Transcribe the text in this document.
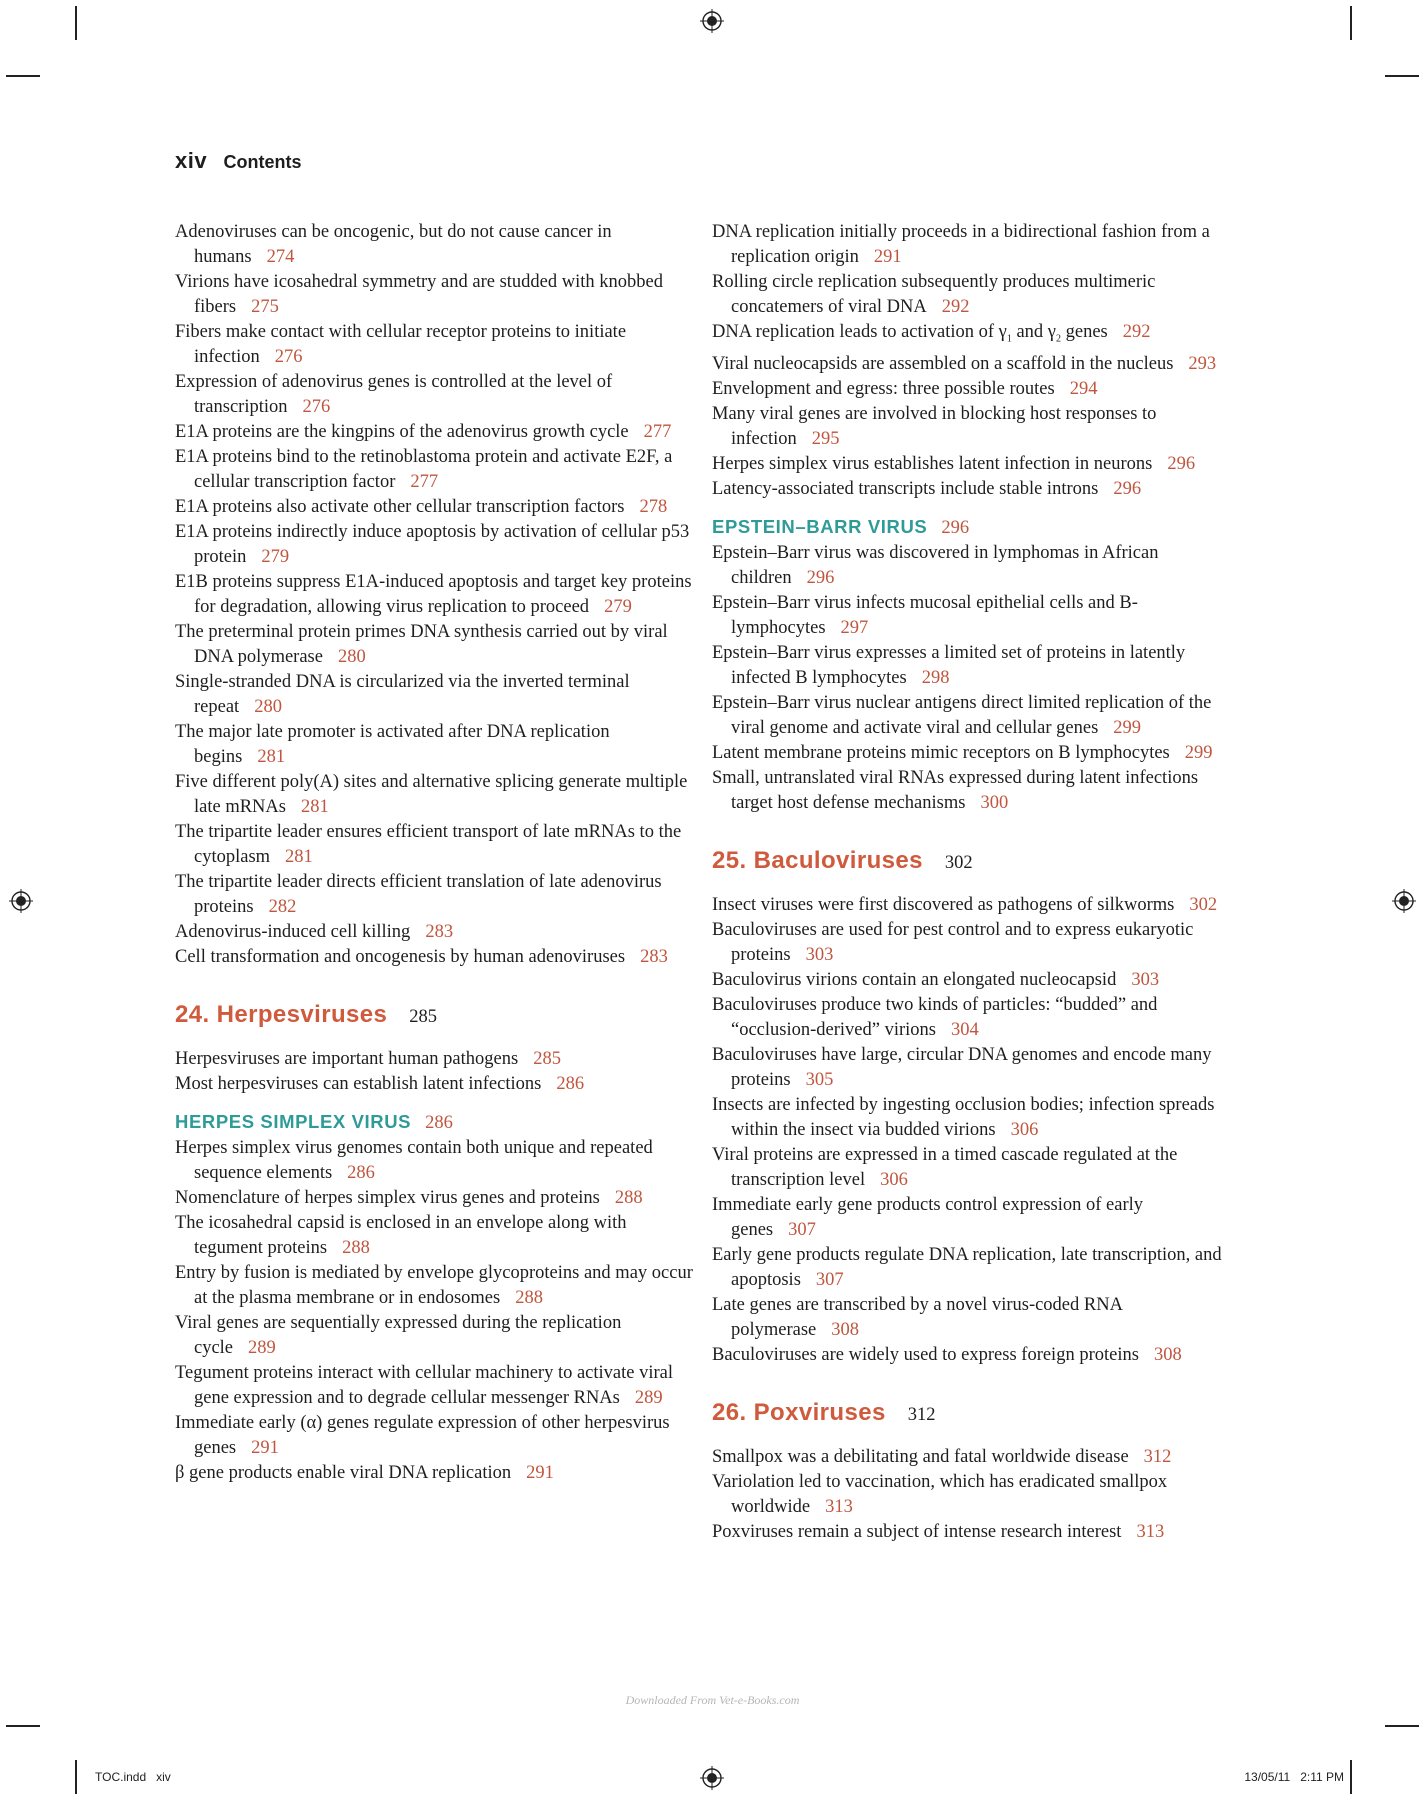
xiv Contents
Adenoviruses can be oncogenic, but do not cause cancer in humans 274
Virions have icosahedral symmetry and are studded with knobbed fibers 275
Fibers make contact with cellular receptor proteins to initiate infection 276
Expression of adenovirus genes is controlled at the level of transcription 276
E1A proteins are the kingpins of the adenovirus growth cycle 277
E1A proteins bind to the retinoblastoma protein and activate E2F, a cellular transcription factor 277
E1A proteins also activate other cellular transcription factors 278
E1A proteins indirectly induce apoptosis by activation of cellular p53 protein 279
E1B proteins suppress E1A-induced apoptosis and target key proteins for degradation, allowing virus replication to proceed 279
The preterminal protein primes DNA synthesis carried out by viral DNA polymerase 280
Single-stranded DNA is circularized via the inverted terminal repeat 280
The major late promoter is activated after DNA replication begins 281
Five different poly(A) sites and alternative splicing generate multiple late mRNAs 281
The tripartite leader ensures efficient transport of late mRNAs to the cytoplasm 281
The tripartite leader directs efficient translation of late adenovirus proteins 282
Adenovirus-induced cell killing 283
Cell transformation and oncogenesis by human adenoviruses 283
24. Herpesviruses 285
Herpesviruses are important human pathogens 285
Most herpesviruses can establish latent infections 286
HERPES SIMPLEX VIRUS 286
Herpes simplex virus genomes contain both unique and repeated sequence elements 286
Nomenclature of herpes simplex virus genes and proteins 288
The icosahedral capsid is enclosed in an envelope along with tegument proteins 288
Entry by fusion is mediated by envelope glycoproteins and may occur at the plasma membrane or in endosomes 288
Viral genes are sequentially expressed during the replication cycle 289
Tegument proteins interact with cellular machinery to activate viral gene expression and to degrade cellular messenger RNAs 289
Immediate early (α) genes regulate expression of other herpesvirus genes 291
β gene products enable viral DNA replication 291
DNA replication initially proceeds in a bidirectional fashion from a replication origin 291
Rolling circle replication subsequently produces multimeric concatemers of viral DNA 292
DNA replication leads to activation of $\gamma_1$ and $\gamma_2$ genes 292
Viral nucleocapsids are assembled on a scaffold in the nucleus 293
Envelopment and egress: three possible routes 294
Many viral genes are involved in blocking host responses to infection 295
Herpes simplex virus establishes latent infection in neurons 296
Latency-associated transcripts include stable introns 296
EPSTEIN–BARR VIRUS 296
Epstein–Barr virus was discovered in lymphomas in African children 296
Epstein–Barr virus infects mucosal epithelial cells and B-lymphocytes 297
Epstein–Barr virus expresses a limited set of proteins in latently infected B lymphocytes 298
Epstein–Barr virus nuclear antigens direct limited replication of the viral genome and activate viral and cellular genes 299
Latent membrane proteins mimic receptors on B lymphocytes 299
Small, untranslated viral RNAs expressed during latent infections target host defense mechanisms 300
25. Baculoviruses 302
Insect viruses were first discovered as pathogens of silkworms 302
Baculoviruses are used for pest control and to express eukaryotic proteins 303
Baculovirus virions contain an elongated nucleocapsid 303
Baculoviruses produce two kinds of particles: “budded” and “occlusion-derived” virions 304
Baculoviruses have large, circular DNA genomes and encode many proteins 305
Insects are infected by ingesting occlusion bodies; infection spreads within the insect via budded virions 306
Viral proteins are expressed in a timed cascade regulated at the transcription level 306
Immediate early gene products control expression of early genes 307
Early gene products regulate DNA replication, late transcription, and apoptosis 307
Late genes are transcribed by a novel virus-coded RNA polymerase 308
Baculoviruses are widely used to express foreign proteins 308
26. Poxviruses 312
Smallpox was a debilitating and fatal worldwide disease 312
Variolation led to vaccination, which has eradicated smallpox worldwide 313
Poxviruses remain a subject of intense research interest 313
Downloaded From Vet-e-Books.com
TOC.indd   xiv	13/05/11   2:11 PM
